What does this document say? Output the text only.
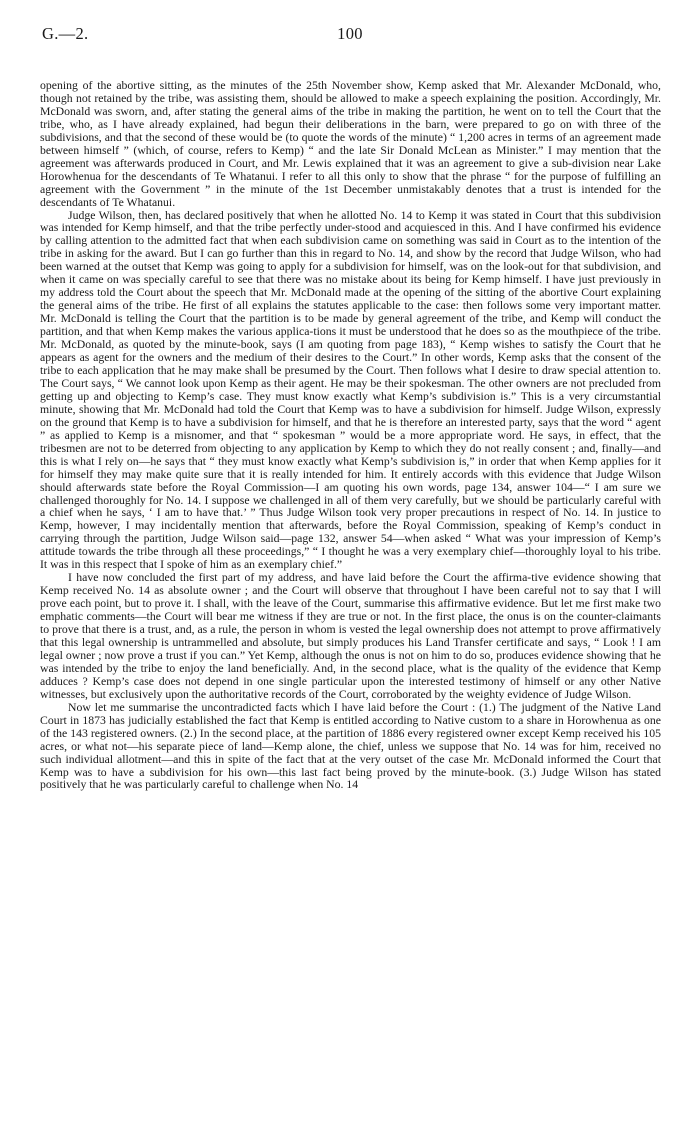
G.—2.	100

opening of the abortive sitting, as the minutes of the 25th November show, Kemp asked that Mr. Alexander McDonald, who, though not retained by the tribe, was assisting them, should be allowed to make a speech explaining the position. Accordingly, Mr. McDonald was sworn, and, after stating the general aims of the tribe in making the partition, he went on to tell the Court that the tribe, who, as I have already explained, had begun their deliberations in the barn, were prepared to go on with three of the subdivisions, and that the second of these would be (to quote the words of the minute) “ 1,200 acres in terms of an agreement made between himself ” (which, of course, refers to Kemp) “ and the late Sir Donald McLean as Minister.” I may mention that the agreement was afterwards produced in Court, and Mr. Lewis explained that it was an agreement to give a sub-division near Lake Horowhenua for the descendants of Te Whatanui. I refer to all this only to show that the phrase “ for the purpose of fulfilling an agreement with the Government ” in the minute of the 1st December unmistakably denotes that a trust is intended for the descendants of Te Whatanui.

Judge Wilson, then, has declared positively that when he allotted No. 14 to Kemp it was stated in Court that this subdivision was intended for Kemp himself, and that the tribe perfectly under-stood and acquiesced in this. And I have confirmed his evidence by calling attention to the admitted fact that when each subdivision came on something was said in Court as to the intention of the tribe in asking for the award. But I can go further than this in regard to No. 14, and show by the record that Judge Wilson, who had been warned at the outset that Kemp was going to apply for a subdivision for himself, was on the look-out for that subdivision, and when it came on was specially careful to see that there was no mistake about its being for Kemp himself. I have just previously in my address told the Court about the speech that Mr. McDonald made at the opening of the sitting of the abortive Court explaining the general aims of the tribe. He first of all explains the statutes applicable to the case: then follows some very important matter. Mr. McDonald is telling the Court that the partition is to be made by general agreement of the tribe, and Kemp will conduct the partition, and that when Kemp makes the various applica-tions it must be understood that he does so as the mouthpiece of the tribe. Mr. McDonald, as quoted by the minute-book, says (I am quoting from page 183), “ Kemp wishes to satisfy the Court that he appears as agent for the owners and the medium of their desires to the Court.” In other words, Kemp asks that the consent of the tribe to each application that he may make shall be presumed by the Court. Then follows what I desire to draw special attention to. The Court says, “ We cannot look upon Kemp as their agent. He may be their spokesman. The other owners are not precluded from getting up and objecting to Kemp’s case. They must know exactly what Kemp’s subdivision is.” This is a very circumstantial minute, showing that Mr. McDonald had told the Court that Kemp was to have a subdivision for himself. Judge Wilson, expressly on the ground that Kemp is to have a subdivision for himself, and that he is therefore an interested party, says that the word “ agent ” as applied to Kemp is a misnomer, and that “ spokesman ” would be a more appropriate word. He says, in effect, that the tribesmen are not to be deterred from objecting to any application by Kemp to which they do not really consent ; and, finally—and this is what I rely on—he says that “ they must know exactly what Kemp’s subdivision is,” in order that when Kemp applies for it for himself they may make quite sure that it is really intended for him. It entirely accords with this evidence that Judge Wilson should afterwards state before the Royal Commission—I am quoting his own words, page 134, answer 104—“ I am sure we challenged thoroughly for No. 14. I suppose we challenged in all of them very carefully, but we should be particularly careful with a chief when he says, ‘ I am to have that.’ ” Thus Judge Wilson took very proper precautions in respect of No. 14. In justice to Kemp, however, I may incidentally mention that afterwards, before the Royal Commission, speaking of Kemp’s conduct in carrying through the partition, Judge Wilson said—page 132, answer 54—when asked “ What was your impression of Kemp’s attitude towards the tribe through all these proceedings,” “ I thought he was a very exemplary chief—thoroughly loyal to his tribe. It was in this respect that I spoke of him as an exemplary chief.”

I have now concluded the first part of my address, and have laid before the Court the affirma-tive evidence showing that Kemp received No. 14 as absolute owner ; and the Court will observe that throughout I have been careful not to say that I will prove each point, but to prove it. I shall, with the leave of the Court, summarise this affirmative evidence. But let me first make two emphatic comments—the Court will bear me witness if they are true or not. In the first place, the onus is on the counter-claimants to prove that there is a trust, and, as a rule, the person in whom is vested the legal ownership does not attempt to prove affirmatively that this legal ownership is untrammelled and absolute, but simply produces his Land Transfer certificate and says, “ Look ! I am legal owner ; now prove a trust if you can.” Yet Kemp, although the onus is not on him to do so, produces evidence showing that he was intended by the tribe to enjoy the land beneficially. And, in the second place, what is the quality of the evidence that Kemp adduces ? Kemp’s case does not depend in one single particular upon the interested testimony of himself or any other Native witnesses, but exclusively upon the authoritative records of the Court, corroborated by the weighty evidence of Judge Wilson.

Now let me summarise the uncontradicted facts which I have laid before the Court : (1.) The judgment of the Native Land Court in 1873 has judicially established the fact that Kemp is entitled according to Native custom to a share in Horowhenua as one of the 143 registered owners. (2.) In the second place, at the partition of 1886 every registered owner except Kemp received his 105 acres, or what not—his separate piece of land—Kemp alone, the chief, unless we suppose that No. 14 was for him, received no such individual allotment—and this in spite of the fact that at the very outset of the case Mr. McDonald informed the Court that Kemp was to have a subdivision for his own—this last fact being proved by the minute-book. (3.) Judge Wilson has stated positively that he was particularly careful to challenge when No. 14
